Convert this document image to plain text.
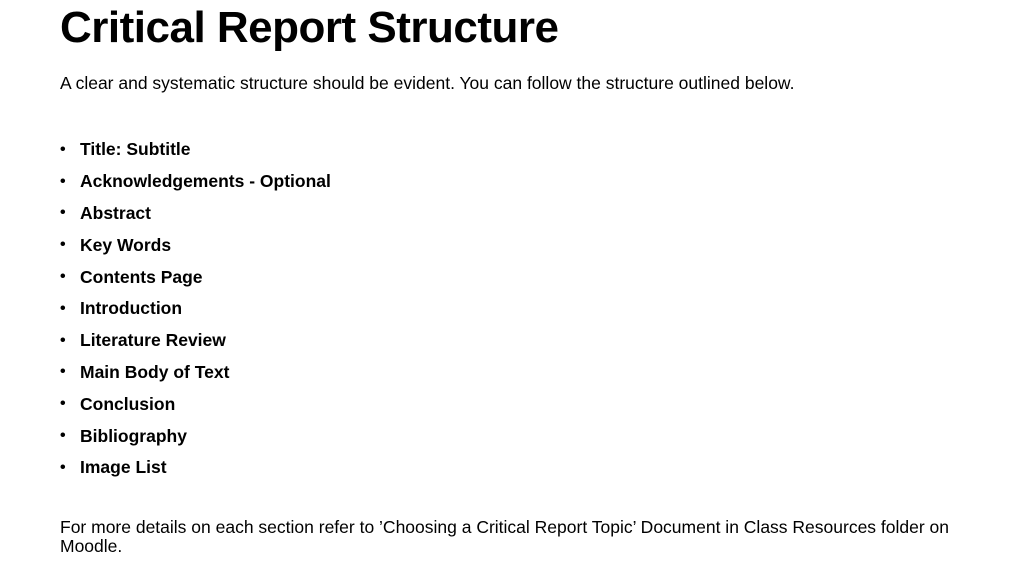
Critical Report Structure

A clear and systematic structure should be evident. You can follow the structure outlined below.

• Title: Subtitle
• Acknowledgements - Optional
• Abstract
• Key Words
• Contents Page
• Introduction
• Literature Review
• Main Body of Text
• Conclusion
• Bibliography
• Image List

For more details on each section refer to ’Choosing a Critical Report Topic’ Document in Class Resources folder on Moodle.
